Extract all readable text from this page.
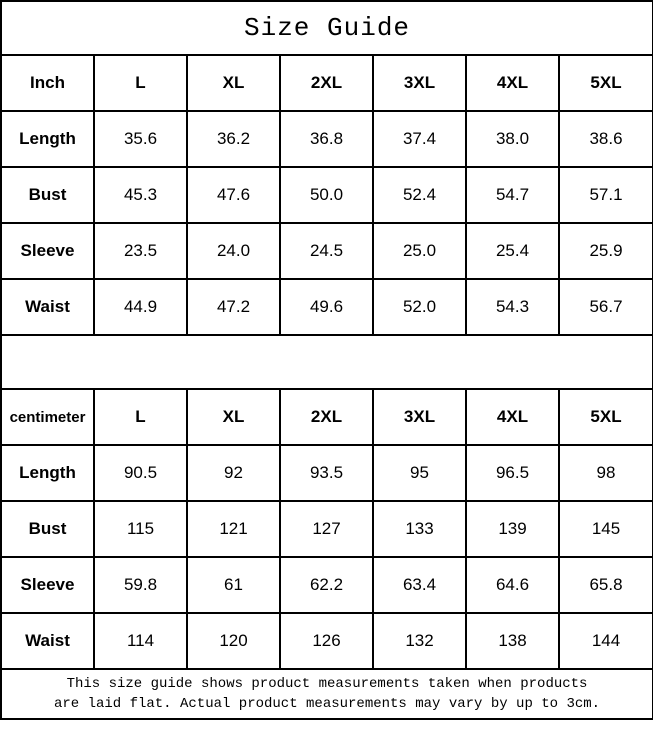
Size Guide						
Inch	L	XL	2XL	3XL	4XL	5XL
Length	35.6	36.2	36.8	37.4	38.0	38.6
Bust	45.3	47.6	50.0	52.4	54.7	57.1
Sleeve	23.5	24.0	24.5	25.0	25.4	25.9
Waist	44.9	47.2	49.6	52.0	54.3	56.7

centimeter	L	XL	2XL	3XL	4XL	5XL
Length	90.5	92	93.5	95	96.5	98
Bust	115	121	127	133	139	145
Sleeve	59.8	61	62.2	63.4	64.6	65.8
Waist	114	120	126	132	138	144

This size guide shows product measurements taken when products
are laid flat. Actual product measurements may vary by up to 3cm.						
